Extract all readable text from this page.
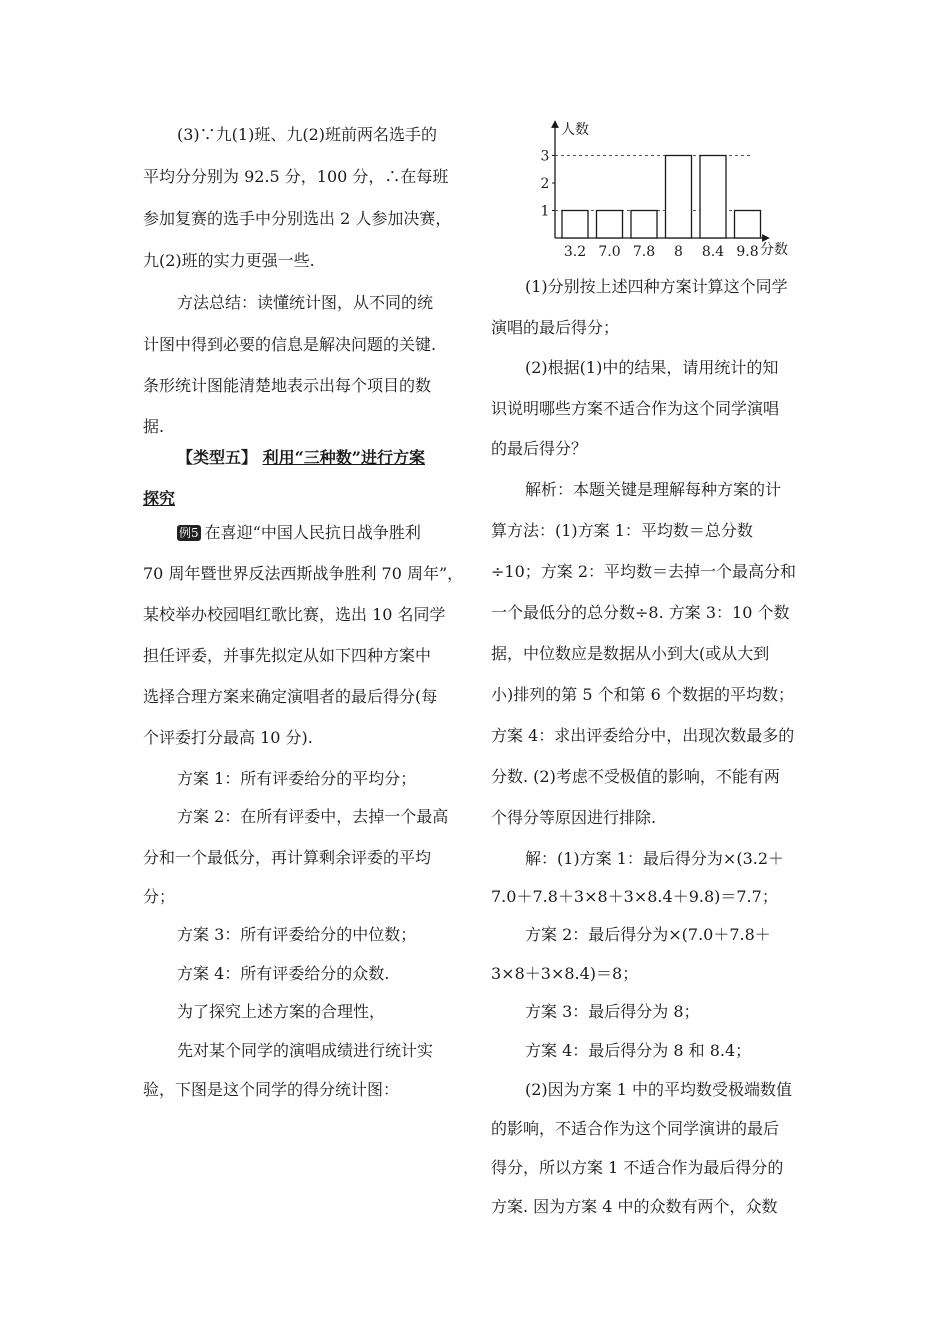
(3)∵九(1)班、九(2)班前两名选手的
平均分分别为 92.5 分，100 分，∴在每班
参加复赛的选手中分别选出 2 人参加决赛，
九(2)班的实力更强一些.
方法总结：读懂统计图，从不同的统
计图中得到必要的信息是解决问题的关键.
条形统计图能清楚地表示出每个项目的数
据.
【类型五】 利用“三种数”进行方案
探究
例5 在喜迎“中国人民抗日战争胜利
70 周年暨世界反法西斯战争胜利 70 周年”，
某校举办校园唱红歌比赛，选出 10 名同学
担任评委，并事先拟定从如下四种方案中
选择合理方案来确定演唱者的最后得分(每
个评委打分最高 10 分).
方案 1：所有评委给分的平均分；
方案 2：在所有评委中，去掉一个最高
分和一个最低分，再计算剩余评委的平均
分；
方案 3：所有评委给分的中位数；
方案 4：所有评委给分的众数.
为了探究上述方案的合理性，
先对某个同学的演唱成绩进行统计实
验，下图是这个同学的得分统计图：
人数
分数
1
2
3
3.2 7.0 7.8 8 8.4 9.8
(1)分别按上述四种方案计算这个同学
演唱的最后得分；
(2)根据(1)中的结果，请用统计的知
识说明哪些方案不适合作为这个同学演唱
的最后得分？
解析：本题关键是理解每种方案的计
算方法：(1)方案 1：平均数＝总分数
÷10；方案 2：平均数＝去掉一个最高分和
一个最低分的总分数÷8. 方案 3：10 个数
据，中位数应是数据从小到大(或从大到
小)排列的第 5 个和第 6 个数据的平均数；
方案 4：求出评委给分中，出现次数最多的
分数. (2)考虑不受极值的影响，不能有两
个得分等原因进行排除.
解：(1)方案 1：最后得分为×(3.2＋
7.0＋7.8＋3×8＋3×8.4＋9.8)＝7.7；
方案 2：最后得分为×(7.0＋7.8＋
3×8＋3×8.4)＝8；
方案 3：最后得分为 8；
方案 4：最后得分为 8 和 8.4；
(2)因为方案 1 中的平均数受极端数值
的影响，不适合作为这个同学演讲的最后
得分，所以方案 1 不适合作为最后得分的
方案. 因为方案 4 中的众数有两个，众数
